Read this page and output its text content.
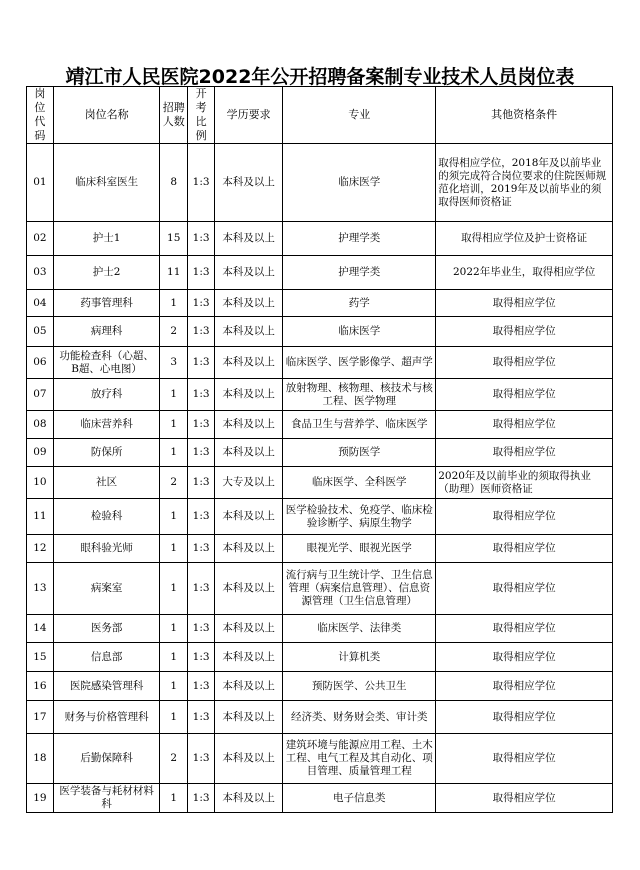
靖江市人民医院2022年公开招聘备案制专业技术人员岗位表
岗位代码	岗位名称	招聘人数	开考比例	学历要求	专业	其他资格条件
01	临床科室医生	8	1:3	本科及以上	临床医学	取得相应学位，2018年及以前毕业的须完成符合岗位要求的住院医师规范化培训，2019年及以前毕业的须取得医师资格证
02	护士1	15	1:3	本科及以上	护理学类	取得相应学位及护士资格证
03	护士2	11	1:3	本科及以上	护理学类	2022年毕业生，取得相应学位
04	药事管理科	1	1:3	本科及以上	药学	取得相应学位
05	病理科	2	1:3	本科及以上	临床医学	取得相应学位
06	功能检查科（心超、B超、心电图）	3	1:3	本科及以上	临床医学、医学影像学、超声学	取得相应学位
07	放疗科	1	1:3	本科及以上	放射物理、核物理、核技术与核工程、医学物理	取得相应学位
08	临床营养科	1	1:3	本科及以上	食品卫生与营养学、临床医学	取得相应学位
09	防保所	1	1:3	本科及以上	预防医学	取得相应学位
10	社区	2	1:3	大专及以上	临床医学、全科医学	2020年及以前毕业的须取得执业（助理）医师资格证
11	检验科	1	1:3	本科及以上	医学检验技术、免疫学、临床检验诊断学、病原生物学	取得相应学位
12	眼科验光师	1	1:3	本科及以上	眼视光学、眼视光医学	取得相应学位
13	病案室	1	1:3	本科及以上	流行病与卫生统计学、卫生信息管理（病案信息管理）、信息资源管理（卫生信息管理）	取得相应学位
14	医务部	1	1:3	本科及以上	临床医学、法律类	取得相应学位
15	信息部	1	1:3	本科及以上	计算机类	取得相应学位
16	医院感染管理科	1	1:3	本科及以上	预防医学、公共卫生	取得相应学位
17	财务与价格管理科	1	1:3	本科及以上	经济类、财务财会类、审计类	取得相应学位
18	后勤保障科	2	1:3	本科及以上	建筑环境与能源应用工程、土木工程、电气工程及其自动化、项目管理、质量管理工程	取得相应学位
19	医学装备与耗材材料科	1	1:3	本科及以上	电子信息类	取得相应学位
